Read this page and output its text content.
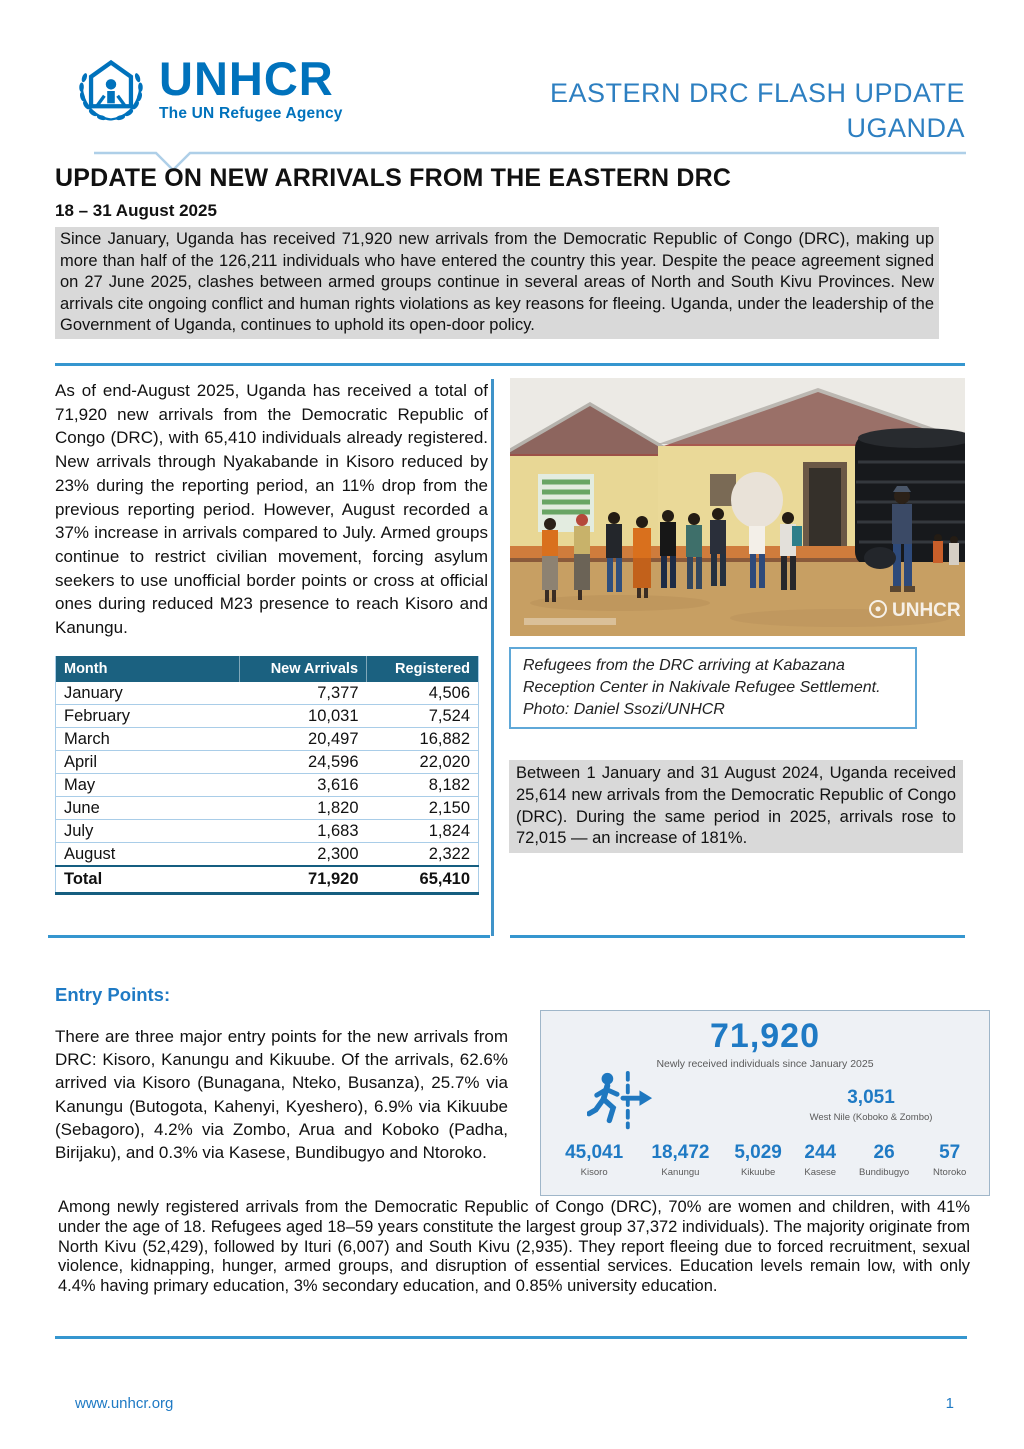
UNHCR
The UN Refugee Agency
EASTERN DRC FLASH UPDATE
UGANDA
UPDATE ON NEW ARRIVALS FROM THE EASTERN DRC
18 – 31 August 2025

Since January, Uganda has received 71,920 new arrivals from the Democratic Republic of Congo (DRC), making up more than half of the 126,211 individuals who have entered the country this year. Despite the peace agreement signed on 27 June 2025, clashes between armed groups continue in several areas of North and South Kivu Provinces. New arrivals cite ongoing conflict and human rights violations as key reasons for fleeing. Uganda, under the leadership of the Government of Uganda, continues to uphold its open-door policy.

As of end-August 2025, Uganda has received a total of 71,920 new arrivals from the Democratic Republic of Congo (DRC), with 65,410 individuals already registered. New arrivals through Nyakabande in Kisoro reduced by 23% during the reporting period, an 11% drop from the previous reporting period. However, August recorded a 37% increase in arrivals compared to July. Armed groups continue to restrict civilian movement, forcing asylum seekers to use unofficial border points or cross at official ones during reduced M23 presence to reach Kisoro and Kanungu.

UNHCR
Refugees from the DRC arriving at Kabazana Reception Center in Nakivale Refugee Settlement. Photo: Daniel Ssozi/UNHCR

Between 1 January and 31 August 2024, Uganda received 25,614 new arrivals from the Democratic Republic of Congo (DRC). During the same period in 2025, arrivals rose to 72,015 — an increase of 181%.

Month	New Arrivals	Registered
January	7,377	4,506
February	10,031	7,524
March	20,497	16,882
April	24,596	22,020
May	3,616	8,182
June	1,820	2,150
July	1,683	1,824
August	2,300	2,322
Total	71,920	65,410
Entry Points:

There are three major entry points for the new arrivals from DRC: Kisoro, Kanungu and Kikuube. Of the arrivals, 62.6% arrived via Kisoro (Bunagana, Nteko, Busanza), 25.7% via Kanungu (Butogota, Kahenyi, Kyeshero), 6.9% via Kikuube (Sebagoro), 4.2% via Zombo, Arua and Koboko (Padha, Birijaku), and 0.3% via Kasese, Bundibugyo and Ntoroko.

71,920
Newly received individuals since January 2025
3,051
West Nile (Koboko & Zombo)
45,041
Kisoro
18,472
Kanungu
5,029
Kikuube
244
Kasese
26
Bundibugyo
57
Ntoroko

Among newly registered arrivals from the Democratic Republic of Congo (DRC), 70% are women and children, with 41% under the age of 18. Refugees aged 18–59 years constitute the largest group 37,372 individuals). The majority originate from North Kivu (52,429), followed by Ituri (6,007) and South Kivu (2,935). They report fleeing due to forced recruitment, sexual violence, kidnapping, hunger, armed groups, and disruption of essential services. Education levels remain low, with only 4.4% having primary education, 3% secondary education, and 0.85% university education.

www.unhcr.org	1
